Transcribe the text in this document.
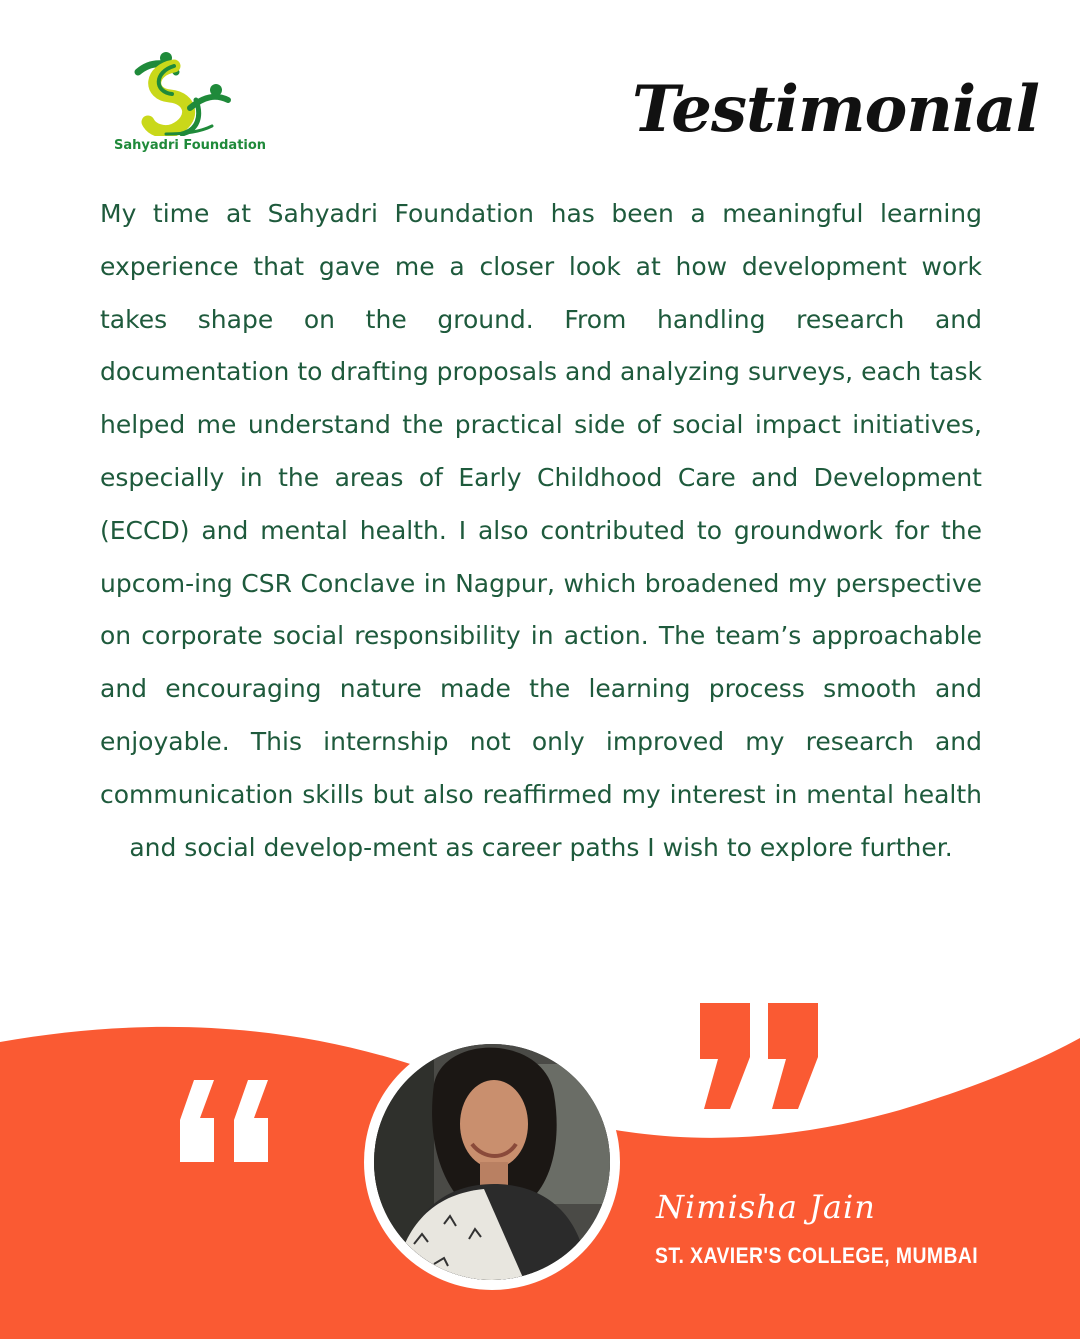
Sahyadri Foundation	Testimonial
My time at Sahyadri Foundation has been a meaningful learning experience that gave me a closer look at how development work takes shape on the ground. From handling research and documentation to drafting proposals and analyzing surveys, each task helped me understand the practical side of social impact initiatives, especially in the areas of Early Childhood Care and Development (ECCD) and mental health. I also contributed to groundwork for the upcom-ing CSR Conclave in Nagpur, which broadened my perspective on corporate social responsibility in action. The team’s approachable and encouraging nature made the learning process smooth and enjoyable. This internship not only improved my research and communication skills but also reaffirmed my interest in mental health and social develop-ment as career paths I wish to explore further.
Nimisha Jain
ST. XAVIER'S COLLEGE, MUMBAI
